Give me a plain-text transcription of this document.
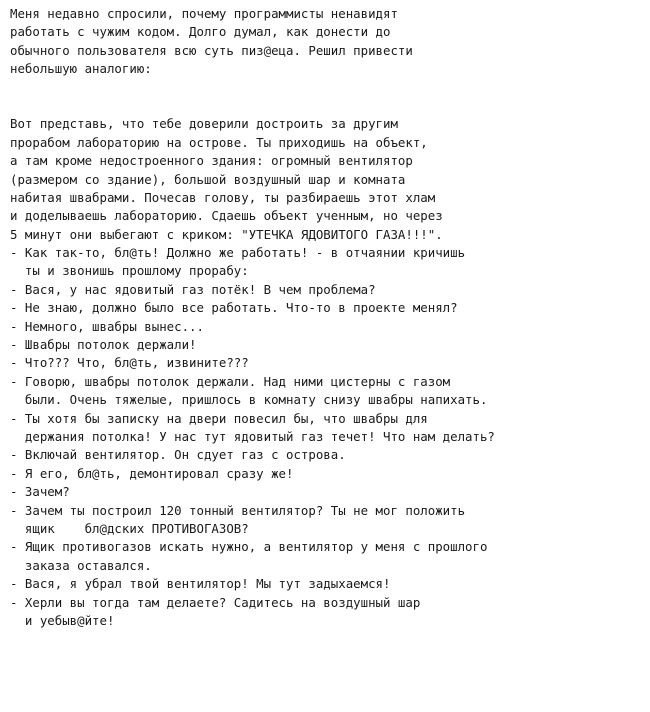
Меня недавно спросили, почему программисты ненавидят
работать с чужим кодом. Долго думал, как донести до
обычного пользователя всю суть пиз@еца. Решил привести
небольшую аналогию:
Вот представь, что тебе доверили достроить за другим
прорабом лабораторию на острове. Ты приходишь на объект,
а там кроме недостроенного здания: огромный вентилятор
(размером со здание), большой воздушный шар и комната
набитая швабрами. Почесав голову, ты разбираешь этот хлам
и доделываешь лабораторию. Сдаешь объект ученным, но через
5 минут они выбегают с криком: "УТЕЧКА ЯДОВИТОГО ГАЗА!!!".
- Как так-то, бл@ть! Должно же работать! - в отчаянии кричишь
ты и звонишь прошлому прорабу:
- Вася, у нас ядовитый газ потёк! В чем проблема?
- Не знаю, должно было все работать. Что-то в проекте менял?
- Немного, швабры вынес...
- Швабры потолок держали!
- Что??? Что, бл@ть, извините???
- Говорю, швабры потолок держали. Над ними цистерны с газом
были. Очень тяжелые, пришлось в комнату снизу швабры напихать.
- Ты хотя бы записку на двери повесил бы, что швабры для
держания потолка! У нас тут ядовитый газ течет! Что нам делать?
- Включай вентилятор. Он сдует газ с острова.
- Я его, бл@ть, демонтировал сразу же!
- Зачем?
- Зачем ты построил 120 тонный вентилятор? Ты не мог положить
ящик    бл@дских ПРОТИВОГАЗОВ?
- Ящик противогазов искать нужно, а вентилятор у меня с прошлого
заказа оставался.
- Вася, я убрал твой вентилятор! Мы тут задыхаемся!
- Херли вы тогда там делаете? Садитесь на воздушный шар
и уебыв@йте!
